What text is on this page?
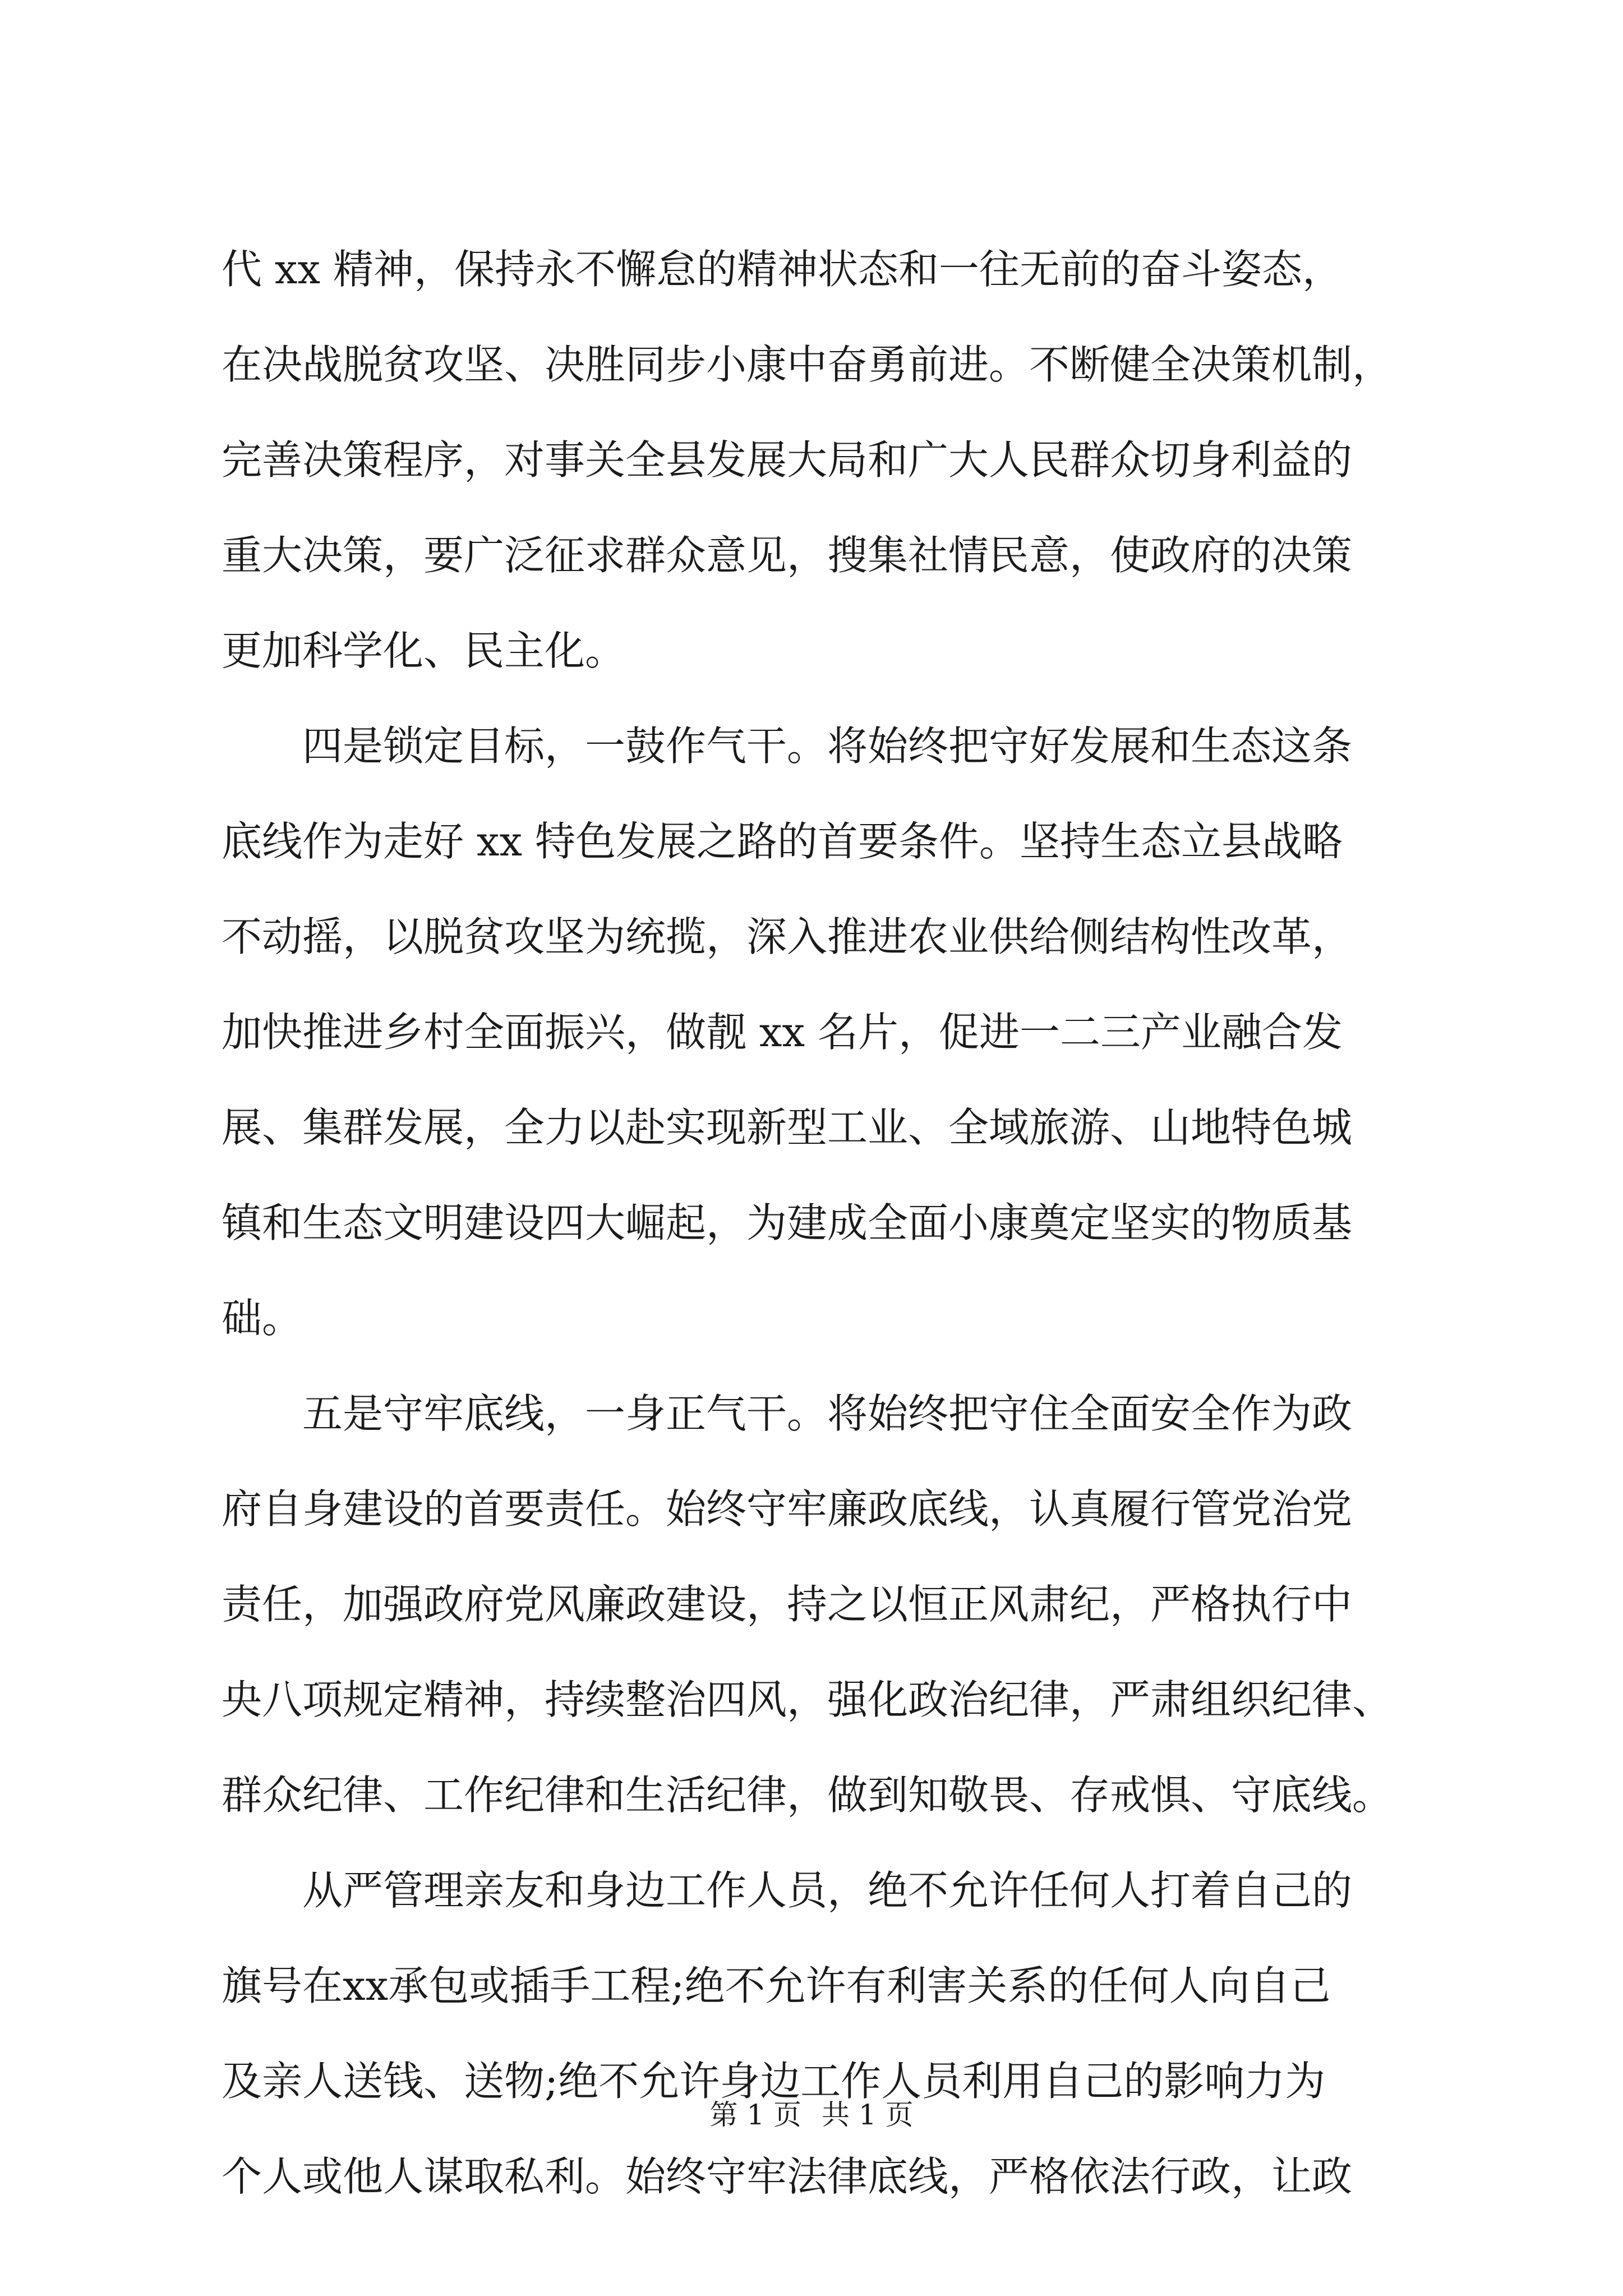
代 xx 精神，保持永不懈怠的精神状态和一往无前的奋斗姿态，
在决战脱贫攻坚、决胜同步小康中奋勇前进。不断健全决策机制，
完善决策程序，对事关全县发展大局和广大人民群众切身利益的
重大决策，要广泛征求群众意见，搜集社情民意，使政府的决策
更加科学化、民主化。
四是锁定目标，一鼓作气干。将始终把守好发展和生态这条
底线作为走好 xx 特色发展之路的首要条件。坚持生态立县战略
不动摇，以脱贫攻坚为统揽，深入推进农业供给侧结构性改革，
加快推进乡村全面振兴，做靓 xx 名片，促进一二三产业融合发
展、集群发展，全力以赴实现新型工业、全域旅游、山地特色城
镇和生态文明建设四大崛起，为建成全面小康奠定坚实的物质基
础。
五是守牢底线，一身正气干。将始终把守住全面安全作为政
府自身建设的首要责任。始终守牢廉政底线，认真履行管党治党
责任，加强政府党风廉政建设，持之以恒正风肃纪，严格执行中
央八项规定精神，持续整治四风，强化政治纪律，严肃组织纪律、
群众纪律、工作纪律和生活纪律，做到知敬畏、存戒惧、守底线。
从严管理亲友和身边工作人员，绝不允许任何人打着自己的
旗号在xx承包或插手工程;绝不允许有利害关系的任何人向自己
及亲人送钱、送物;绝不允许身边工作人员利用自己的影响力为
个人或他人谋取私利。始终守牢法律底线，严格依法行政，让政
第 1 页 共 1 页
